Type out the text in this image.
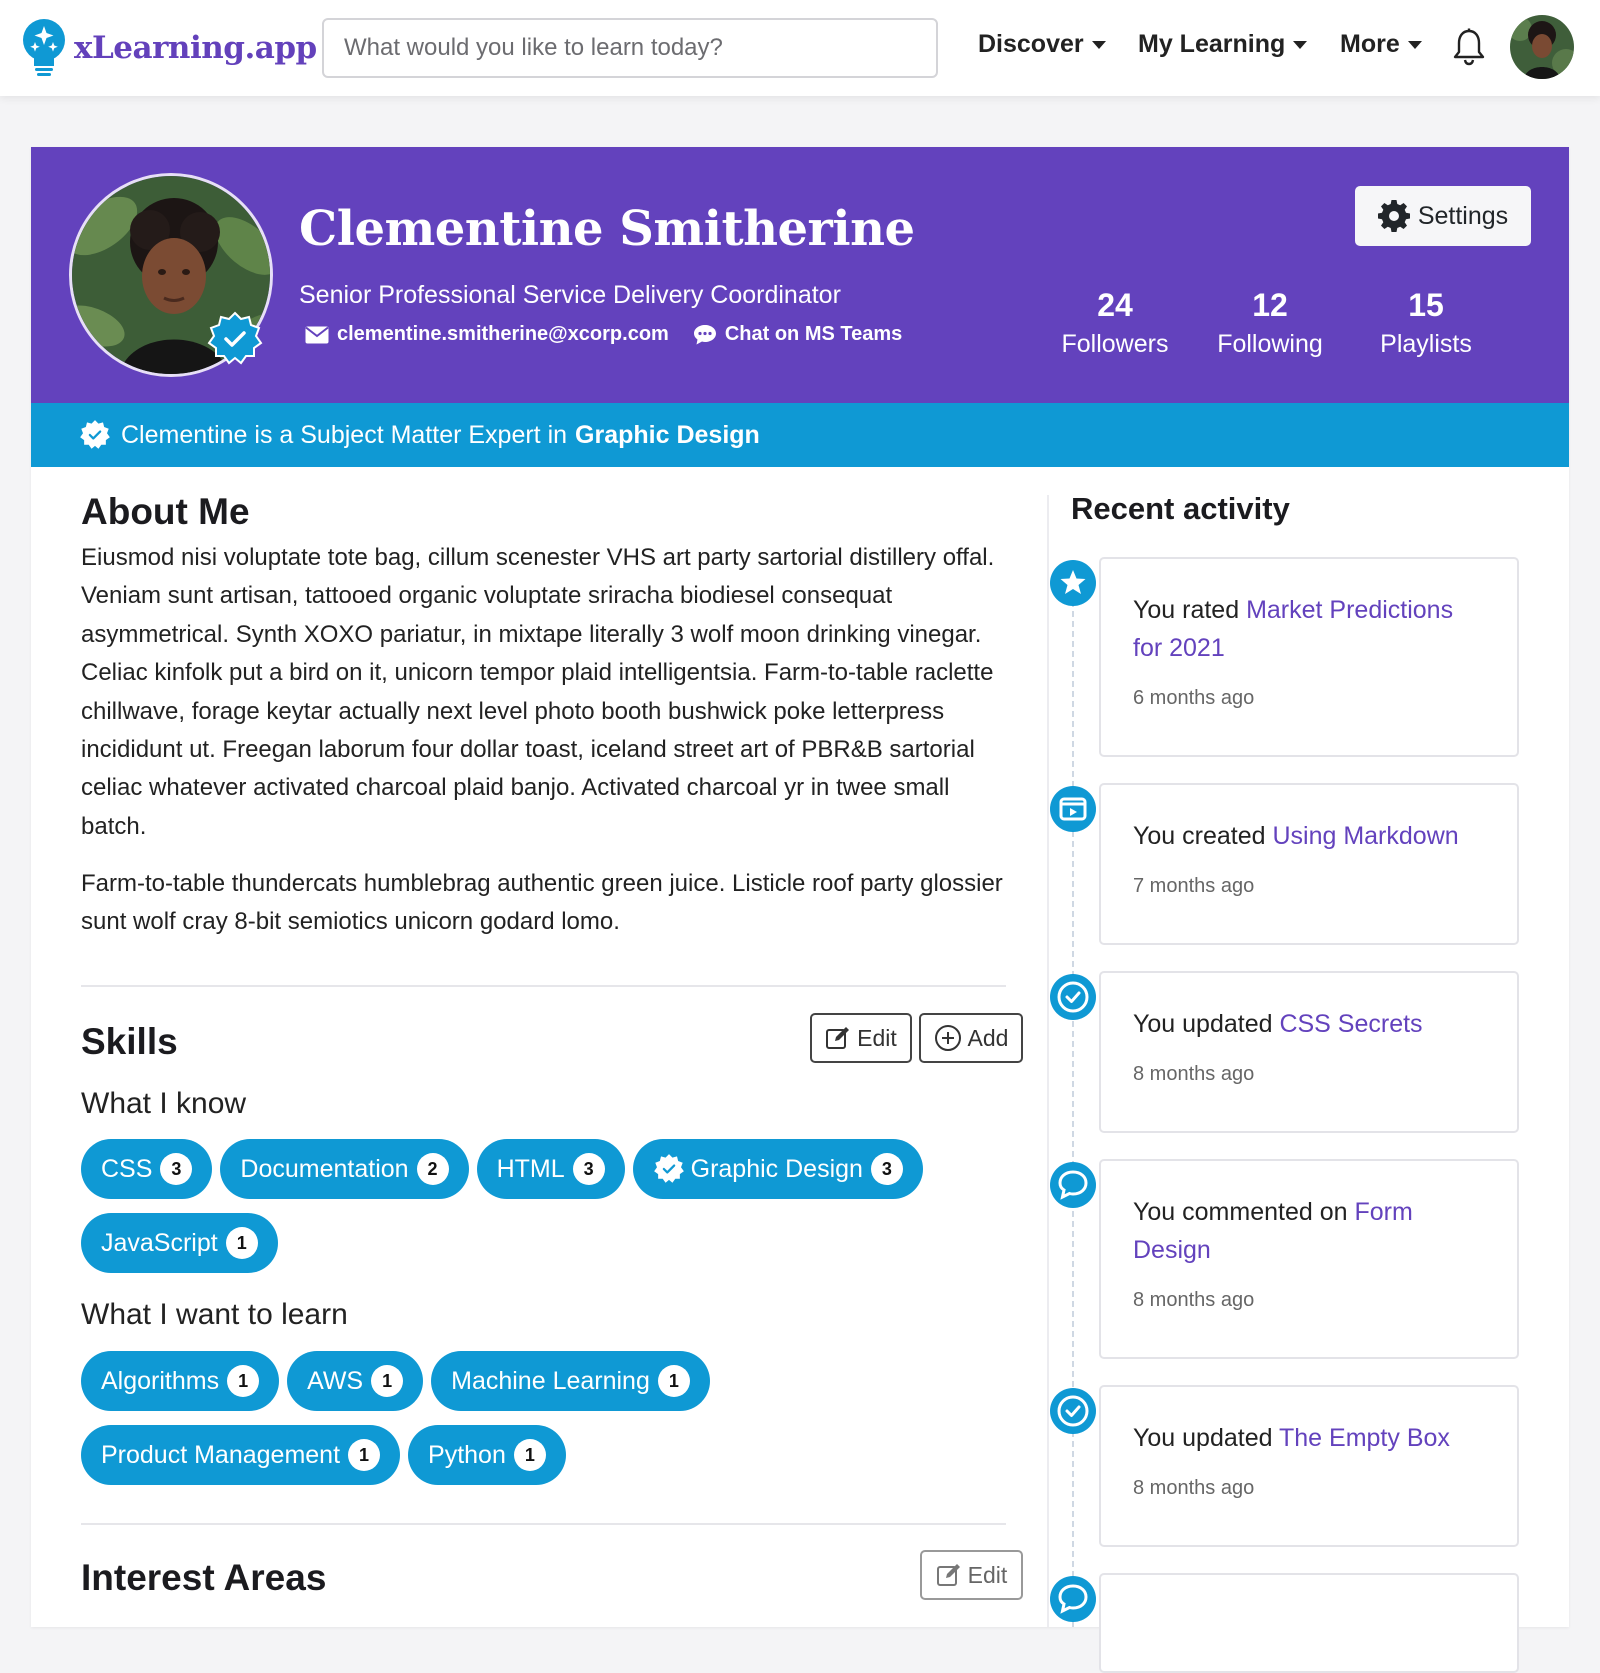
xLearning.app
What would you like to learn today?	Discover My Learning More
Clementine Smitherine
Senior Professional Service Delivery Coordinator
clementine.smitherine@xcorp.com	Chat on MS Teams
Settings
24
Followers
12
Following
15
Playlists
Clementine is a Subject Matter Expert in Graphic Design
About Me

Eiusmod nisi voluptate tote bag, cillum scenester VHS art party sartorial distillery offal. Veniam sunt artisan, tattooed organic voluptate sriracha biodiesel consequat asymmetrical. Synth XOXO pariatur, in mixtape literally 3 wolf moon drinking vinegar. Celiac kinfolk put a bird on it, unicorn tempor plaid intelligentsia. Farm-to-table raclette chillwave, forage keytar actually next level photo booth bushwick poke letterpress incididunt ut. Freegan laborum four dollar toast, iceland street art of PBR&B sartorial celiac whatever activated charcoal plaid banjo. Activated charcoal yr in twee small batch.

Farm-to-table thundercats humblebrag authentic green juice. Listicle roof party glossier sunt wolf cray 8-bit semiotics unicorn godard lomo.

Skills	Edit	Add
What I know
CSS	3	Documentation	2	HTML	3	Graphic Design	3
JavaScript	1
What I want to learn
Algorithms	1	AWS	1	Machine Learning	1
Product Management	1	Python	1
Interest Areas	Edit
Recent activity
You rated Market Predictions for 2021
6 months ago
You created Using Markdown
7 months ago
You updated CSS Secrets
8 months ago
You commented on Form Design
8 months ago
You updated The Empty Box
8 months ago
